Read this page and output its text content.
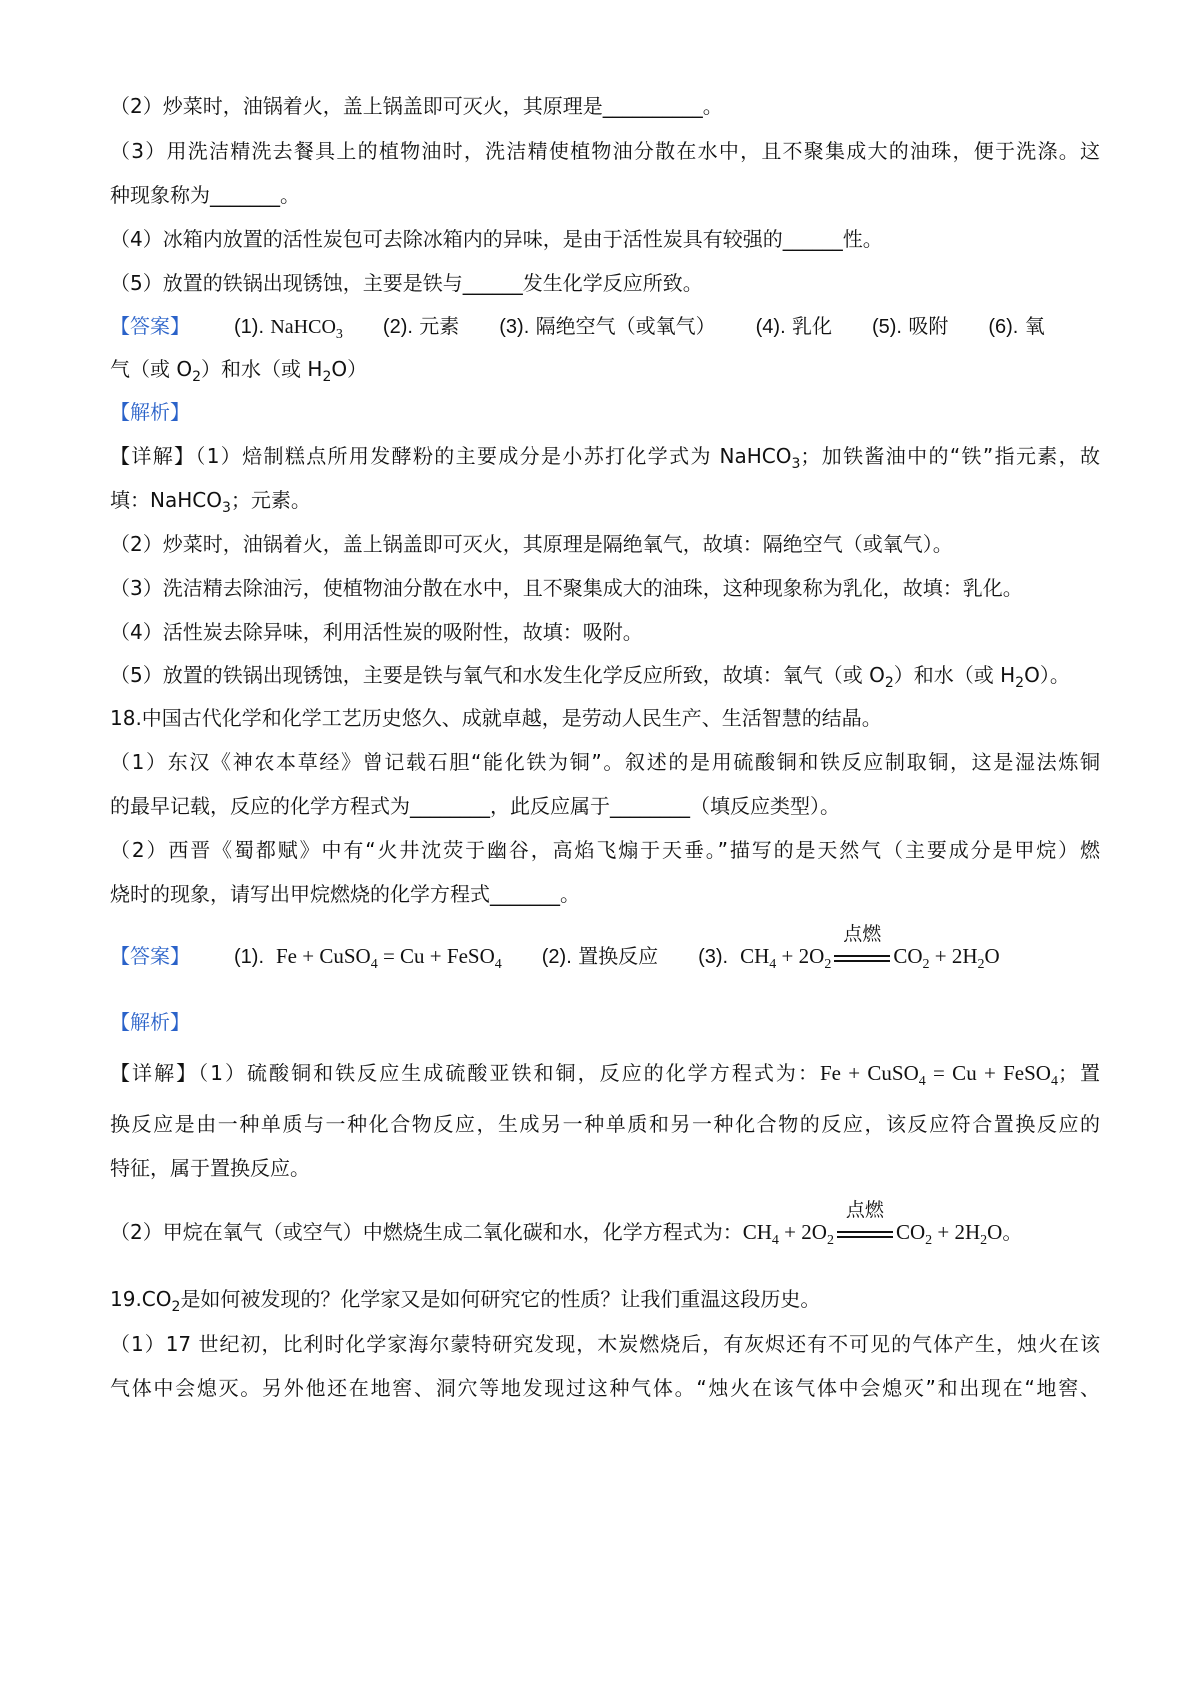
（2）炒菜时，油锅着火，盖上锅盖即可灭火，其原理是__________。
（3）用洗洁精洗去餐具上的植物油时，洗洁精使植物油分散在水中，且不聚集成大的油珠，便于洗涤。这
种现象称为_______。
（4）冰箱内放置的活性炭包可去除冰箱内的异味，是由于活性炭具有较强的______性。
（5）放置的铁锅出现锈蚀，主要是铁与______发生化学反应所致。
【答案】 (1). NaHCO$_3$ (2). 元素 (3). 隔绝空气（或氧气） (4). 乳化 (5). 吸附 (6). 氧
气（或 $O_2$）和水（或 $H_2O$）
【解析】
【详解】（1）焙制糕点所用发酵粉的主要成分是小苏打化学式为 NaHCO$_3$；加铁酱油中的“铁”指元素，故
填：NaHCO$_3$；元素。
（2）炒菜时，油锅着火，盖上锅盖即可灭火，其原理是隔绝氧气，故填：隔绝空气（或氧气）。
（3）洗洁精去除油污，使植物油分散在水中，且不聚集成大的油珠，这种现象称为乳化，故填：乳化。
（4）活性炭去除异味，利用活性炭的吸附性，故填：吸附。
（5）放置的铁锅出现锈蚀，主要是铁与氧气和水发生化学反应所致，故填：氧气（或 $O_2$）和水（或 $H_2O$）。
18.中国古代化学和化学工艺历史悠久、成就卓越，是劳动人民生产、生活智慧的结晶。
（1）东汉《神农本草经》曾记载石胆“能化铁为铜”。叙述的是用硫酸铜和铁反应制取铜，这是湿法炼铜
的最早记载，反应的化学方程式为________，此反应属于________（填反应类型）。
（2）西晋《蜀都赋》中有“火井沈荧于幽谷，高焰飞煽于天垂。”描写的是天然气（主要成分是甲烷）燃
烧时的现象，请写出甲烷燃烧的化学方程式_______。
【答案】 (1). Fe + CuSO$_4$ = Cu + FeSO$_4$ (2). 置换反应 (3). $CH_4 + 2O_2$
点燃
$CO_2 + 2H_2O$
【解析】
【详解】（1）硫酸铜和铁反应生成硫酸亚铁和铜，反应的化学方程式为：Fe + CuSO$_4$ = Cu + FeSO$_4$；置
换反应是由一种单质与一种化合物反应，生成另一种单质和另一种化合物的反应，该反应符合置换反应的
特征，属于置换反应。
（2）甲烷在氧气（或空气）中燃烧生成二氧化碳和水，化学方程式为：$CH_4 + 2O_2$
点燃
$CO_2 + 2H_2O$。
$19.CO_2$是如何被发现的？化学家又是如何研究它的性质？让我们重温这段历史。
（1）17 世纪初，比利时化学家海尔蒙特研究发现，木炭燃烧后，有灰烬还有不可见的气体产生，烛火在该
气体中会熄灭。另外他还在地窖、洞穴等地发现过这种气体。“烛火在该气体中会熄灭”和出现在“地窖、
